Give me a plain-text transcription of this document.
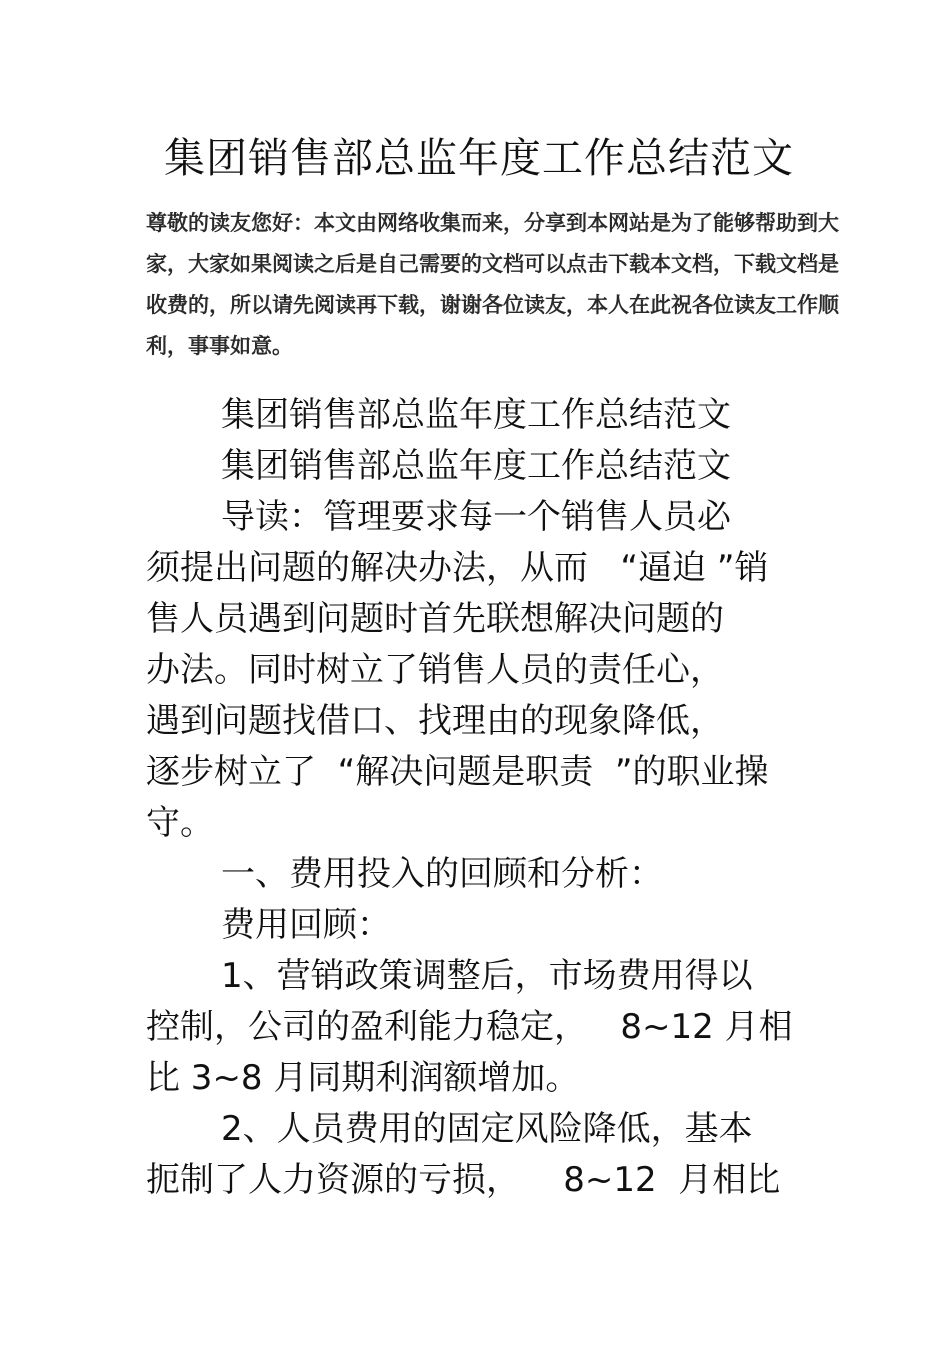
集团销售部总监年度工作总结范文
尊敬的读友您好：本文由网络收集而来，分享到本网站是为了能够帮助到大
家，大家如果阅读之后是自己需要的文档可以点击下载本文档，下载文档是
收费的，所以请先阅读再下载，谢谢各位读友，本人在此祝各位读友工作顺
利，事事如意。
集团销售部总监年度工作总结范文
集团销售部总监年度工作总结范文
导读：管理要求每一个销售人员必
须提出问题的解决办法，从而   “逼迫 ”销
售人员遇到问题时首先联想解决问题的
办法。同时树立了销售人员的责任心，
遇到问题找借口、找理由的现象降低，
逐步树立了  “解决问题是职责  ”的职业操
守。
一、费用投入的回顾和分析：
费用回顾：
1、营销政策调整后，市场费用得以
控制，公司的盈利能力稳定，   8~12 月相
比 3~8 月同期利润额增加。
2、人员费用的固定风险降低，基本
扼制了人力资源的亏损，    8~12  月相比
